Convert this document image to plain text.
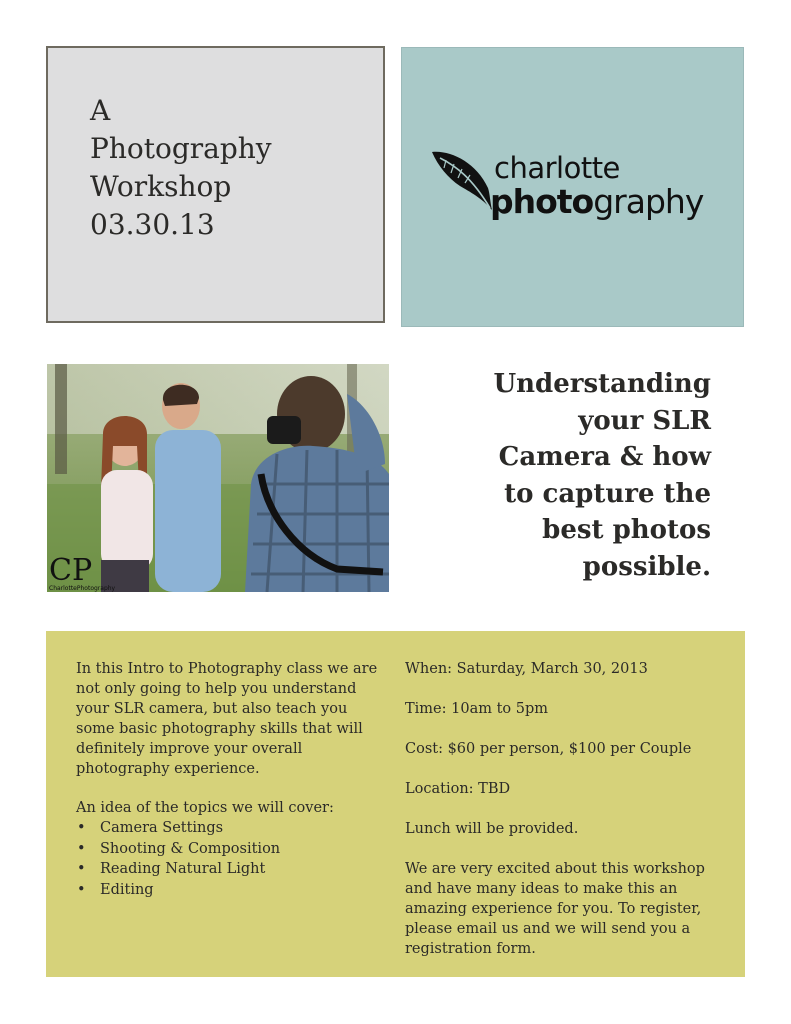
A
Photography
Workshop
03.30.13
charlotte
photography
CP
CharlottePhotography
Understanding
your SLR
Camera & how
to capture the
best photos
possible.

In this Intro to Photography class we are not only going to help you understand your SLR camera, but also teach you some basic photography skills that will definitely improve your overall photography experience.

An idea of the topics we will cover:
• Camera Settings
• Shooting & Composition
• Reading Natural Light
• Editing

When: Saturday, March 30, 2013

Time: 10am to 5pm

Cost: $60 per person, $100 per Couple

Location: TBD

Lunch will be provided.

We are very excited about this workshop and have many ideas to make this an amazing experience for you. To register, please email us and we will send you a registration form.
